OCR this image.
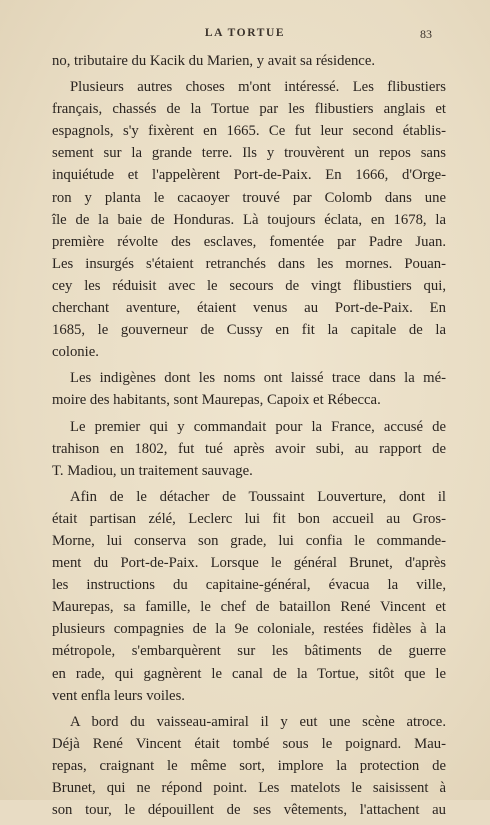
LA TORTUE	83

no, tributaire du Kacik du Marien, y avait sa résidence.

Plusieurs autres choses m'ont intéressé. Les flibustiers
français, chassés de la Tortue par les flibustiers anglais et
espagnols, s'y fixèrent en 1665. Ce fut leur second établis-
sement sur la grande terre. Ils y trouvèrent un repos sans
inquiétude et l'appelèrent Port-de-Paix. En 1666, d'Orge-
ron y planta le cacaoyer trouvé par Colomb dans une
île de la baie de Honduras. Là toujours éclata, en 1678, la
première révolte des esclaves, fomentée par Padre Juan.
Les insurgés s'étaient retranchés dans les mornes. Pouan-
cey les réduisit avec le secours de vingt flibustiers qui,
cherchant aventure, étaient venus au Port-de-Paix. En
1685, le gouverneur de Cussy en fit la capitale de la
colonie.

Les indigènes dont les noms ont laissé trace dans la mé-
moire des habitants, sont Maurepas, Capoix et Rébecca.

Le premier qui y commandait pour la France, accusé de
trahison en 1802, fut tué après avoir subi, au rapport de
T. Madiou, un traitement sauvage.

Afin de le détacher de Toussaint Louverture, dont il
était partisan zélé, Leclerc lui fit bon accueil au Gros-
Morne, lui conserva son grade, lui confia le commande-
ment du Port-de-Paix. Lorsque le général Brunet, d'après
les instructions du capitaine-général, évacua la ville,
Maurepas, sa famille, le chef de bataillon René Vincent et
plusieurs compagnies de la 9e coloniale, restées fidèles à la
métropole, s'embarquèrent sur les bâtiments de guerre
en rade, qui gagnèrent le canal de la Tortue, sitôt que le
vent enfla leurs voiles.

A bord du vaisseau-amiral il y eut une scène atroce.
Déjà René Vincent était tombé sous le poignard. Mau-
repas, craignant le même sort, implore la protection de
Brunet, qui ne répond point. Les matelots le saisissent à
son tour, le dépouillent de ses vêtements, l'attachent au
